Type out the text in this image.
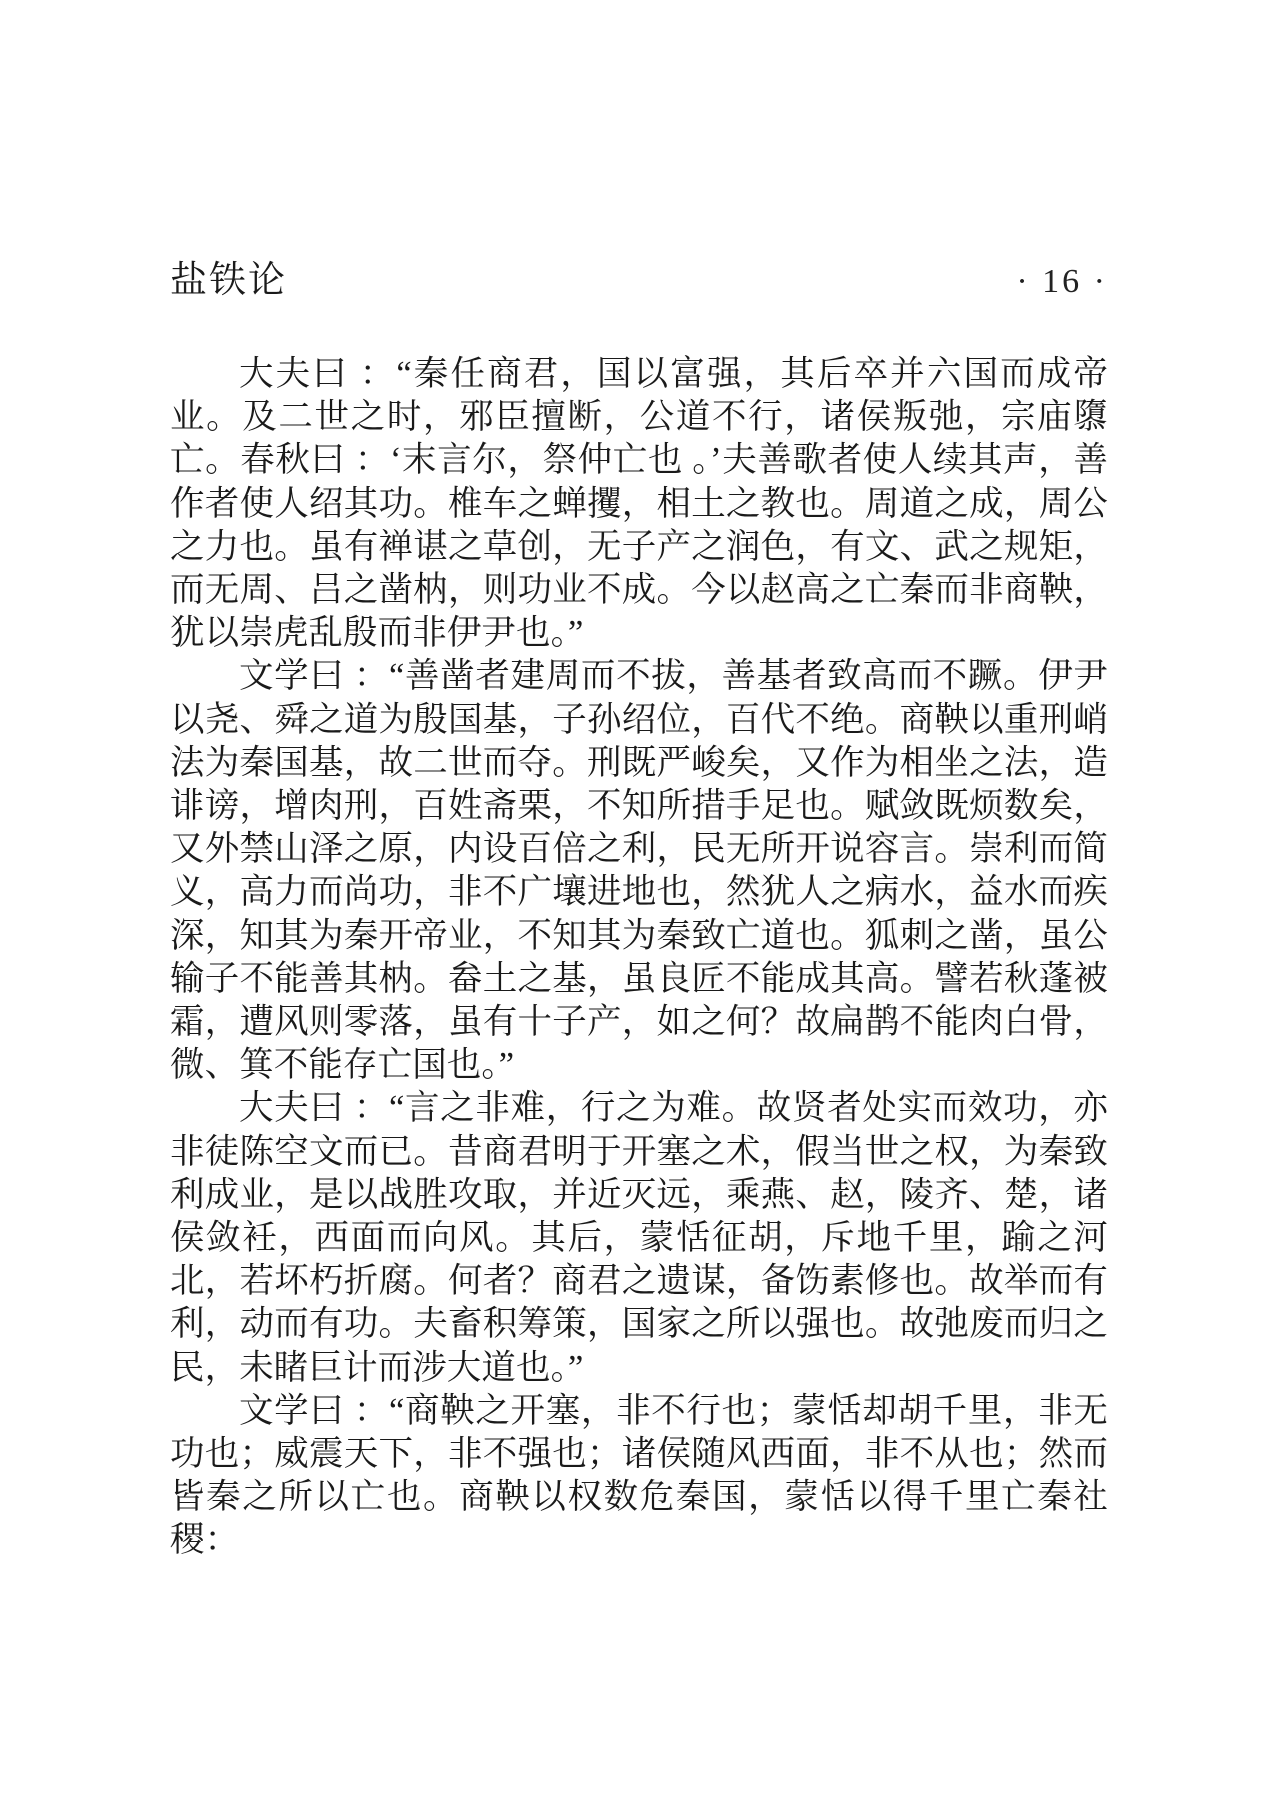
盐铁论	· 16 ·

大夫曰 ：“秦任商君，国以富强，其后卒并六国而成帝业。及二世之时，邪臣擅断，公道不行，诸侯叛弛，宗庙隳亡。春秋曰 ：‘末言尔，祭仲亡也 。’夫善歌者使人续其声，善作者使人绍其功。椎车之蝉攫，相土之教也。周道之成，周公之力也。虽有褝谌之草创，无子产之润色，有文、武之规矩，而无周、吕之凿枘，则功业不成。今以赵高之亡秦而非商鞅，犹以崇虎乱殷而非伊尹也。”

文学曰 ：“善凿者建周而不拔，善基者致高而不蹶。伊尹以尧、舜之道为殷国基，子孙绍位，百代不绝。商鞅以重刑峭法为秦国基，故二世而夺。刑既严峻矣，又作为相坐之法，造诽谤，增肉刑，百姓斋栗，不知所措手足也。赋敛既烦数矣，又外禁山泽之原，内设百倍之利，民无所开说容言。崇利而简义，高力而尚功，非不广壤进地也，然犹人之病水，益水而疾深，知其为秦开帝业，不知其为秦致亡道也。狐刺之凿，虽公输子不能善其枘。畚土之基，虽良匠不能成其高。譬若秋蓬被霜，遭风则零落，虽有十子产，如之何？故扁鹊不能肉白骨，微、箕不能存亡国也。”

大夫曰 ：“言之非难，行之为难。故贤者处实而效功，亦非徒陈空文而已。昔商君明于开塞之术，假当世之权，为秦致利成业，是以战胜攻取，并近灭远，乘燕、赵，陵齐、楚，诸侯敛衽，西面而向风。其后，蒙恬征胡，斥地千里，踰之河北，若坏朽折腐。何者？商君之遗谋，备饬素修也。故举而有利，动而有功。夫畜积筹策，国家之所以强也。故弛废而归之民，未睹巨计而涉大道也。”

文学曰 ：“商鞅之开塞，非不行也；蒙恬却胡千里，非无功也；威震天下，非不强也；诸侯随风西面，非不从也；然而皆秦之所以亡也。商鞅以权数危秦国，蒙恬以得千里亡秦社稷：
